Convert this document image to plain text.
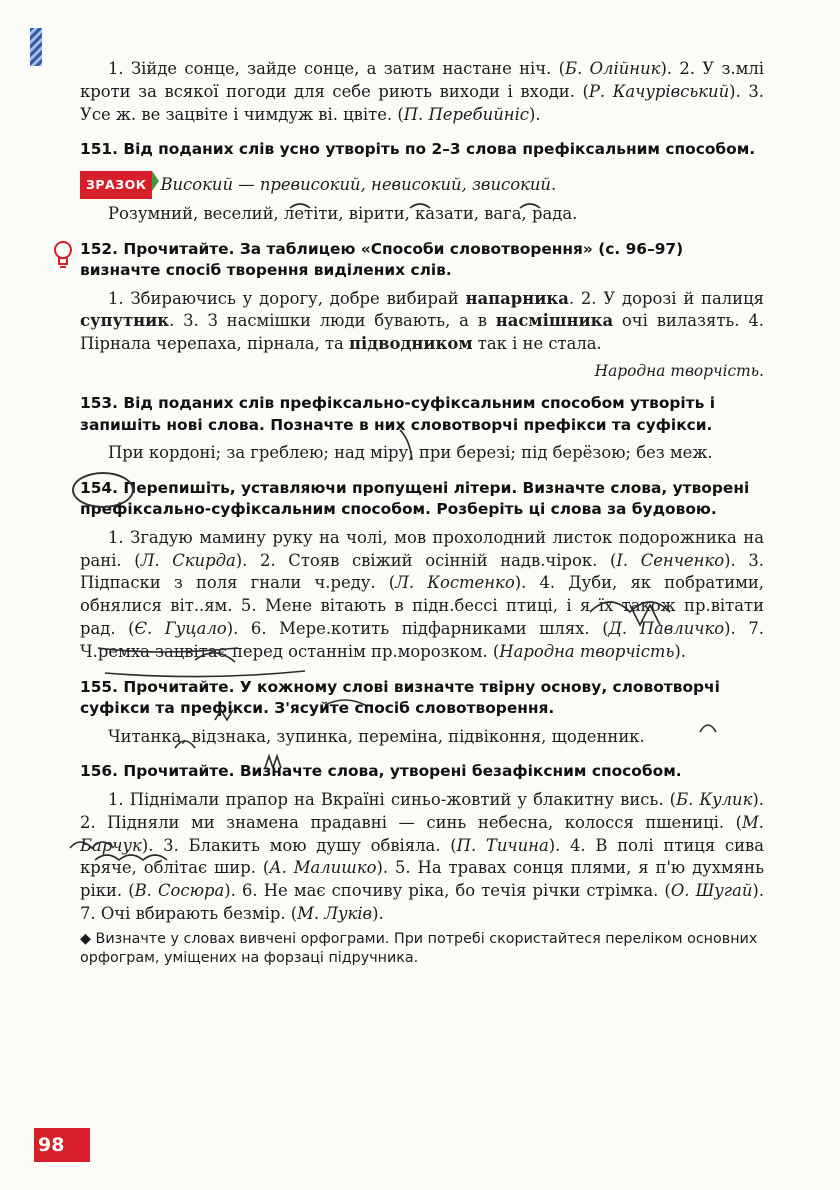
1. Зійде сонце, зайде сонце, а затим настане ніч. (Б. Олійник). 2. У з.млі кроти за всякої погоди для себе риють виходи і входи. (Р. Качурівський). 3. Усе ж. ве зацвіте і чимдуж ві. цвіте. (П. Перебийніс).

151. Від поданих слів усно утворіть по 2–3 слова префіксальним способом.
ЗРАЗОК Високий — превисокий, невисокий, звисокий.

Розумний, веселий, летіти, вірити, казати, вага, рада.

152. Прочитайте. За таблицею «Способи словотворення» (с. 96–97) визначте спосіб творення виділених слів.

1. Збираючись у дорогу, добре вибирай напарника. 2. У дорозі й палиця супутник. 3. З насмішки люди бувають, а в насмішника очі вилазять. 4. Пірнала черепаха, пірнала, та підводником так і не стала.

Народна творчість.
153. Від поданих слів префіксально-суфіксальним способом утворіть і запишіть нові слова. Позначте в них словотворчі префікси та суфікси.

При кордоні; за греблею; над міру; при березі; під берёзою; без меж.

154. Перепишіть, уставляючи пропущені літери. Визначте слова, утворені префіксально-суфіксальним способом. Розберіть ці слова за будовою.

1. Згадую мамину руку на чолі, мов прохолодний листок подорожника на рані. (Л. Скирда). 2. Стояв свіжий осінній надв.чірок. (І. Сенченко). 3. Підпаски з поля гнали ч.реду. (Л. Костенко). 4. Дуби, як побратими, обнялися віт..ям. 5. Мене вітають в підн.бессі птиці, і я їх також пр.вітати рад. (Є. Гуцало). 6. Мере.котить підфарниками шлях. (Д. Павличко). 7. Ч.ремха зацвітає перед останнім пр.морозком. (Народна творчість).

155. Прочитайте. У кожному слові визначте твірну основу, словотворчі суфікси та префікси. З'ясуйте спосіб словотворення.

Читанка, відзнака, зупинка, переміна, підвіконня, щоденник.

156. Прочитайте. Визначте слова, утворені безафіксним способом.

1. Піднімали прапор на Вкраїні синьо-жовтий у блакитну вись. (Б. Кулик). 2. Підняли ми знамена прадавні — синь небесна, колосся пшениці. (М. Барчук). 3. Блакить мою душу обвіяла. (П. Тичина). 4. В полі птиця сива кряче, облітає шир. (А. Малишко). 5. На травах сонця плями, я п'ю духмянь ріки. (В. Сосюра). 6. Не має спочиву ріка, бо течія річки стрімка. (О. Шугай). 7. Очі вбирають безмір. (М. Луків).

◆ Визначте у словах вивчені орфограми. При потребі скористайтеся переліком основних орфограм, уміщених на форзаці підручника.
98
